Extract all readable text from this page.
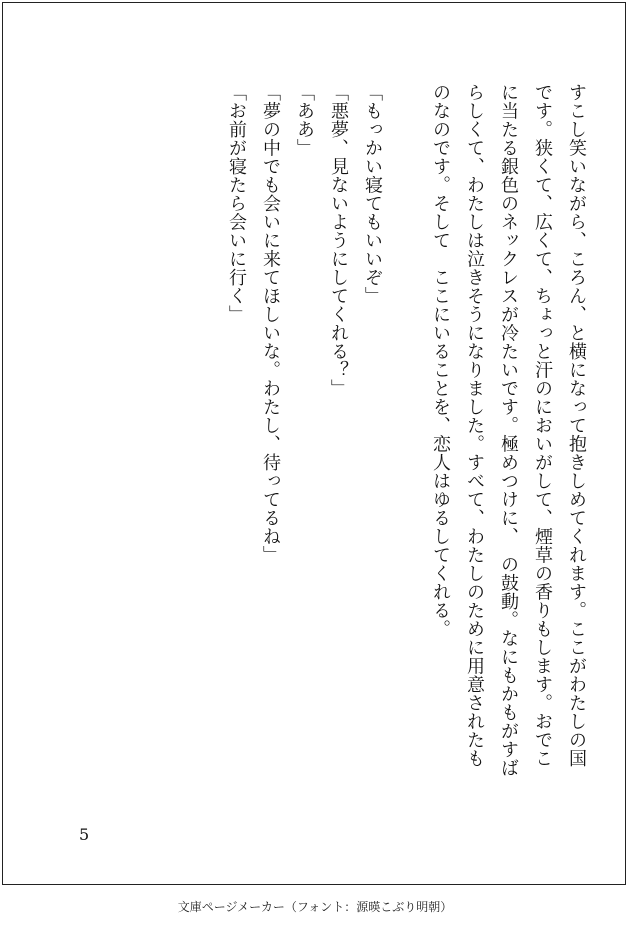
すこし笑いながら、ころん、と横になって抱きしめてくれます。ここがわたしの国です。狭くて、広くて、ちょっと汗のにおいがして、煙草の香りもします。おでこに当たる銀色のネックレスが冷たいです。極めつけに、　の鼓動。なにもかもがすばらしくて、わたしは泣きそうになりました。すべて、わたしのために用意されたものなのです。そして　ここにいることを、恋人はゆるしてくれる。

「もっかい寝てもいいぞ」

「悪夢、見ないようにしてくれる？」

「ああ」

「夢の中でも会いに来てほしいな。わたし、待ってるね」

「お前が寝たら会いに行く」

5
文庫ページメーカー（フォント：源暎こぶり明朝）
